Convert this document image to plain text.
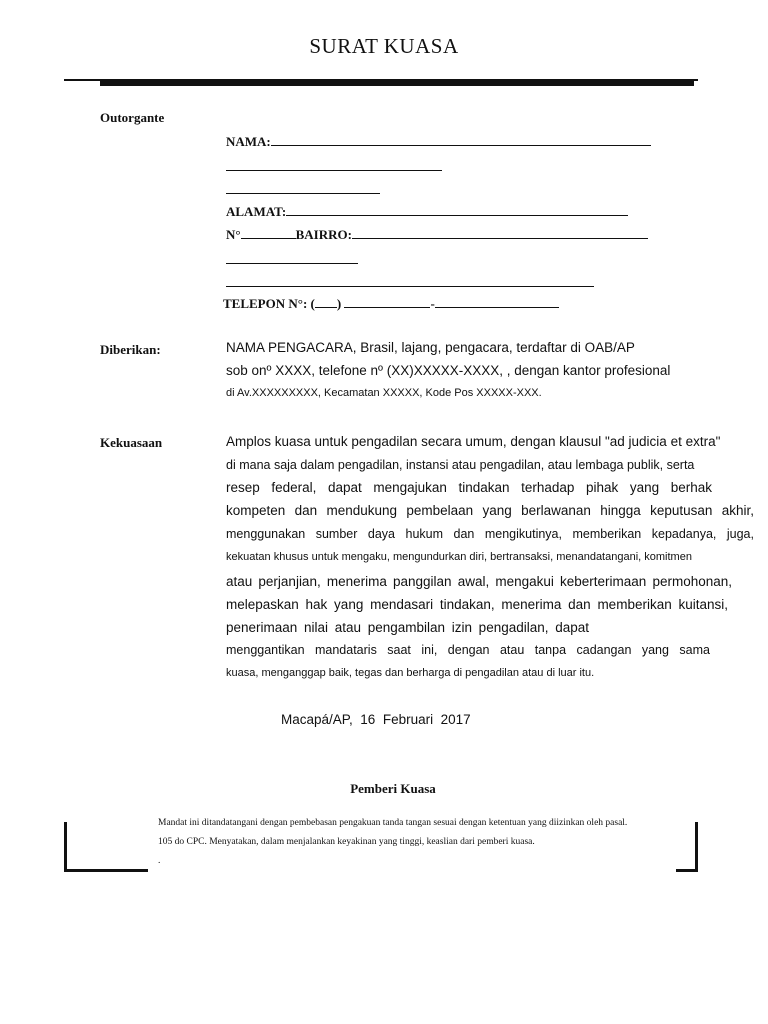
SURAT KUASA
Outorgante
NAMA:
ALAMAT:
N°	BAIRRO:
TELEPON N°: ( )	-
Diberikan:	NAMA PENGACARA, Brasil, lajang, pengacara, terdaftar di OAB/AP
sob onº XXXX, telefone nº (XX)XXXXX-XXXX, , dengan kantor profesional
di Av.XXXXXXXXX, Kecamatan XXXXX, Kode Pos XXXXX-XXX.
Kekuasaan	Amplos kuasa untuk pengadilan secara umum, dengan klausul "ad judicia et extra"
di mana saja dalam pengadilan, instansi atau pengadilan, atau lembaga publik, serta
resep federal, dapat mengajukan tindakan terhadap pihak yang berhak
kompeten dan mendukung pembelaan yang berlawanan hingga keputusan akhir,
menggunakan sumber daya hukum dan mengikutinya, memberikan kepadanya, juga,
kekuatan khusus untuk mengaku, mengundurkan diri, bertransaksi, menandatangani, komitmen
atau perjanjian, menerima panggilan awal, mengakui keberterimaan permohonan,
melepaskan hak yang mendasari tindakan, menerima dan memberikan kuitansi,
penerimaan nilai atau pengambilan izin pengadilan, dapat
menggantikan mandataris saat ini, dengan atau tanpa cadangan yang sama
kuasa, menganggap baik, tegas dan berharga di pengadilan atau di luar itu.
Macapá/AP,  16  Februari  2017
Pemberi Kuasa
Mandat ini ditandatangani dengan pembebasan pengakuan tanda tangan sesuai dengan ketentuan yang diizinkan oleh pasal.
105 do CPC. Menyatakan, dalam menjalankan keyakinan yang tinggi, keaslian dari pemberi kuasa.
.
